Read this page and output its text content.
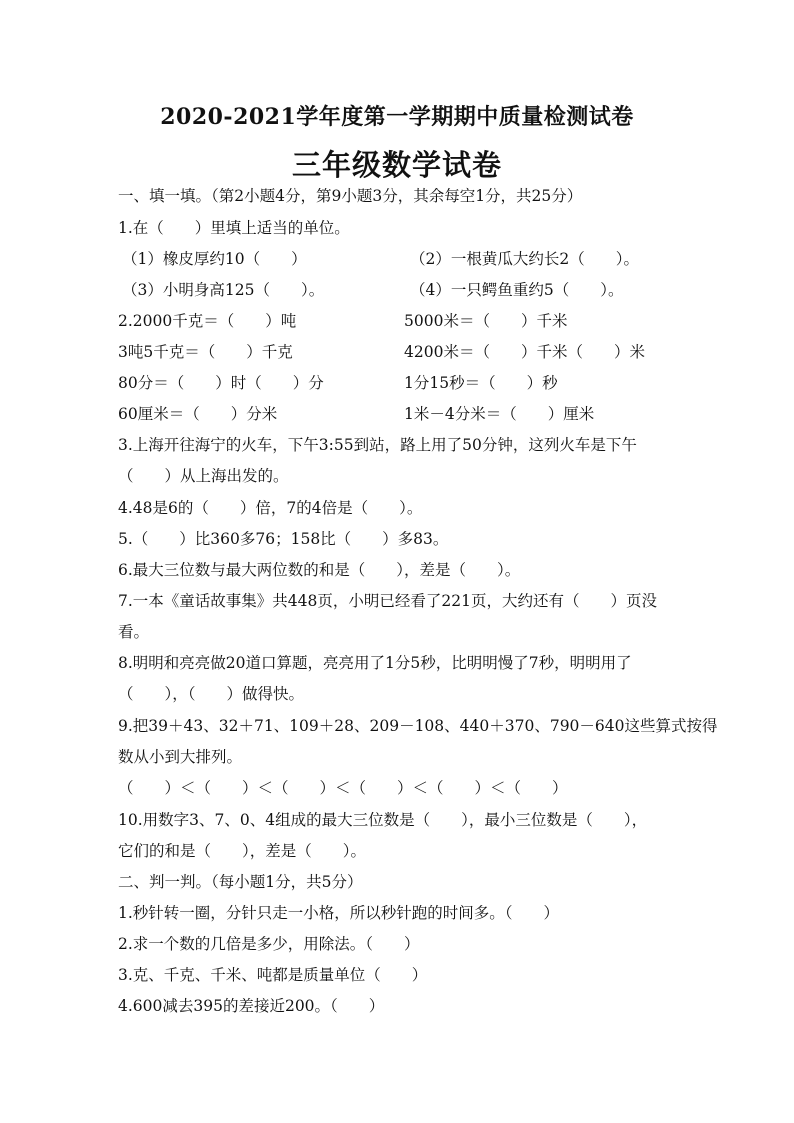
2020-2021学年度第一学期期中质量检测试卷
三年级数学试卷
一、填一填。（第2小题4分，第9小题3分，其余每空1分，共25分）
1.在（　　）里填上适当的单位。
（1）橡皮厚约10（　　）	（2）一根黄瓜大约长2（　　）。
（3）小明身高125（　　）。	（4）一只鳄鱼重约5（　　）。
2.2000千克＝（　　）吨	5000米＝（　　）千米
3吨5千克＝（　　）千克	4200米＝（　　）千米（　　）米
80分＝（　　）时（　　）分	1分15秒＝（　　）秒
60厘米＝（　　）分米	1米－4分米＝（　　）厘米
3.上海开往海宁的火车，下午3:55到站，路上用了50分钟，这列火车是下午
（　　）从上海出发的。
4.48是6的（　　）倍，7的4倍是（　　）。
5.（　　）比360多76；158比（　　）多83。
6.最大三位数与最大两位数的和是（　　），差是（　　）。
7.一本《童话故事集》共448页，小明已经看了221页，大约还有（　　）页没
看。
8.明明和亮亮做20道口算题，亮亮用了1分5秒，比明明慢了7秒，明明用了
（　　），（　　）做得快。
9.把39＋43、32＋71、109＋28、209－108、440＋370、790－640这些算式按得
数从小到大排列。
（　　）＜（　　）＜（　　）＜（　　）＜（　　）＜（　　）
10.用数字3、7、0、4组成的最大三位数是（　　），最小三位数是（　　），
它们的和是（　　），差是（　　）。
二、判一判。（每小题1分，共5分）
1.秒针转一圈，分针只走一小格，所以秒针跑的时间多。（　　）
2.求一个数的几倍是多少，用除法。（　　）
3.克、千克、千米、吨都是质量单位（　　）
4.600减去395的差接近200。（　　）
